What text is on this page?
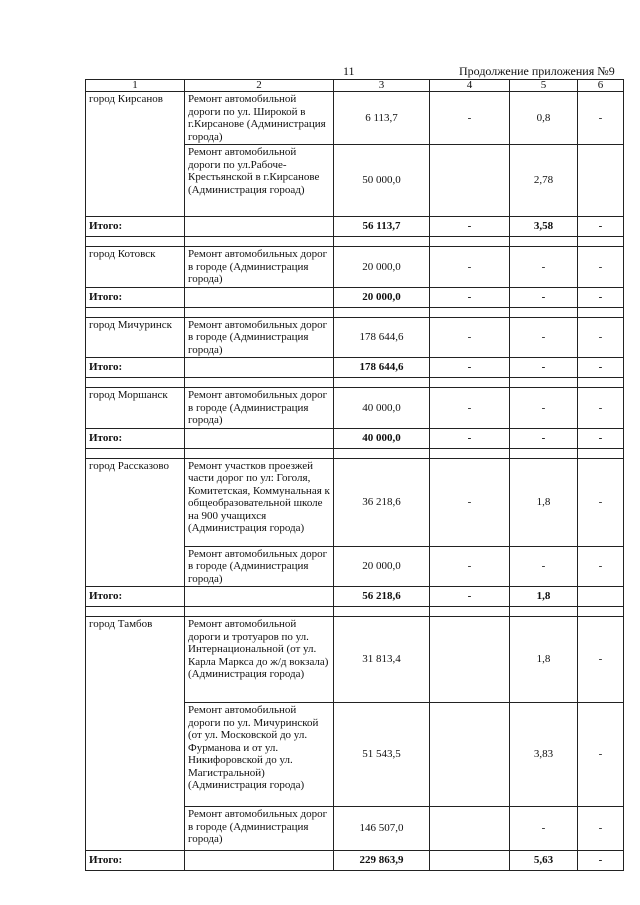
11	Продолжение приложения №9
1	2	3	4	5	6
город Кирсанов	Ремонт автомобильной дороги по ул. Широкой в г.Кирсанове (Администрация города)	6 113,7	-	0,8	-
	Ремонт автомобильной дороги по ул.Рабоче-Крестьянской в г.Кирсанове (Администрация гороад)	50 000,0		2,78	
Итого:		56 113,7	-	3,58	-

город Котовск	Ремонт автомобильных дорог в городе (Администрация города)	20 000,0	-	-	-
Итого:		20 000,0	-	-	-

город Мичуринск	Ремонт автомобильных дорог в городе (Администрация города)	178 644,6	-	-	-
Итого:		178 644,6	-	-	-

город Моршанск	Ремонт автомобильных дорог в городе (Администрация города)	40 000,0	-	-	-
Итого:		40 000,0	-	-	-

город Рассказово	Ремонт участков проезжей части дорог по ул: Гоголя, Комитетская, Коммунальная к общеобразовательной школе на 900 учащихся (Администрация города)	36 218,6	-	1,8	-
	Ремонт автомобильных дорог в городе (Администрация города)	20 000,0	-	-	-
Итого:		56 218,6	-	1,8	

город Тамбов	Ремонт автомобильной дороги и тротуаров по ул. Интернациональной (от ул. Карла Маркса до ж/д вокзала) (Администрация города)	31 813,4		1,8	-
	Ремонт автомобильной дороги по ул. Мичуринской (от ул. Московской до ул. Фурманова и от ул. Никифоровской до ул. Магистральной) (Администрация города)	51 543,5		3,83	-
	Ремонт автомобильных дорог в городе (Администрация города)	146 507,0		-	-
Итого:		229 863,9		5,63	-
